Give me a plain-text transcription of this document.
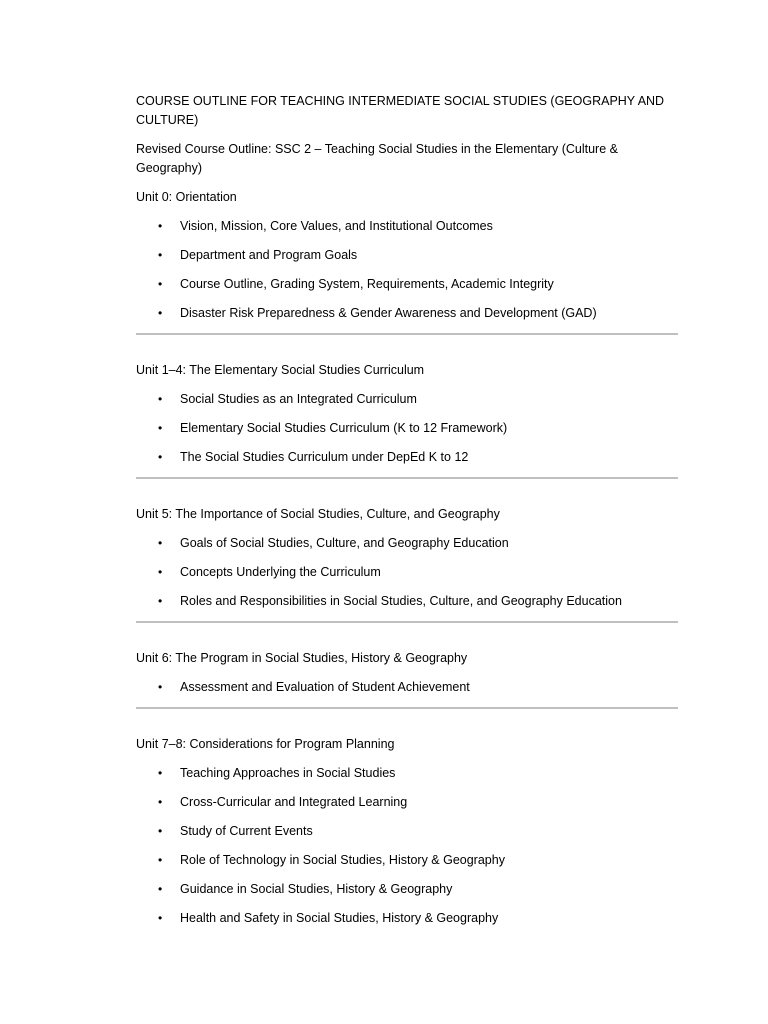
COURSE OUTLINE FOR TEACHING INTERMEDIATE SOCIAL STUDIES (GEOGRAPHY AND CULTURE)

Revised Course Outline: SSC 2 – Teaching Social Studies in the Elementary (Culture & Geography)

Unit 0: Orientation

• Vision, Mission, Core Values, and Institutional Outcomes
• Department and Program Goals
• Course Outline, Grading System, Requirements, Academic Integrity
• Disaster Risk Preparedness & Gender Awareness and Development (GAD)

Unit 1–4: The Elementary Social Studies Curriculum

• Social Studies as an Integrated Curriculum
• Elementary Social Studies Curriculum (K to 12 Framework)
• The Social Studies Curriculum under DepEd K to 12

Unit 5: The Importance of Social Studies, Culture, and Geography

• Goals of Social Studies, Culture, and Geography Education
• Concepts Underlying the Curriculum
• Roles and Responsibilities in Social Studies, Culture, and Geography Education

Unit 6: The Program in Social Studies, History & Geography

• Assessment and Evaluation of Student Achievement

Unit 7–8: Considerations for Program Planning

• Teaching Approaches in Social Studies
• Cross-Curricular and Integrated Learning
• Study of Current Events
• Role of Technology in Social Studies, History & Geography
• Guidance in Social Studies, History & Geography
• Health and Safety in Social Studies, History & Geography
